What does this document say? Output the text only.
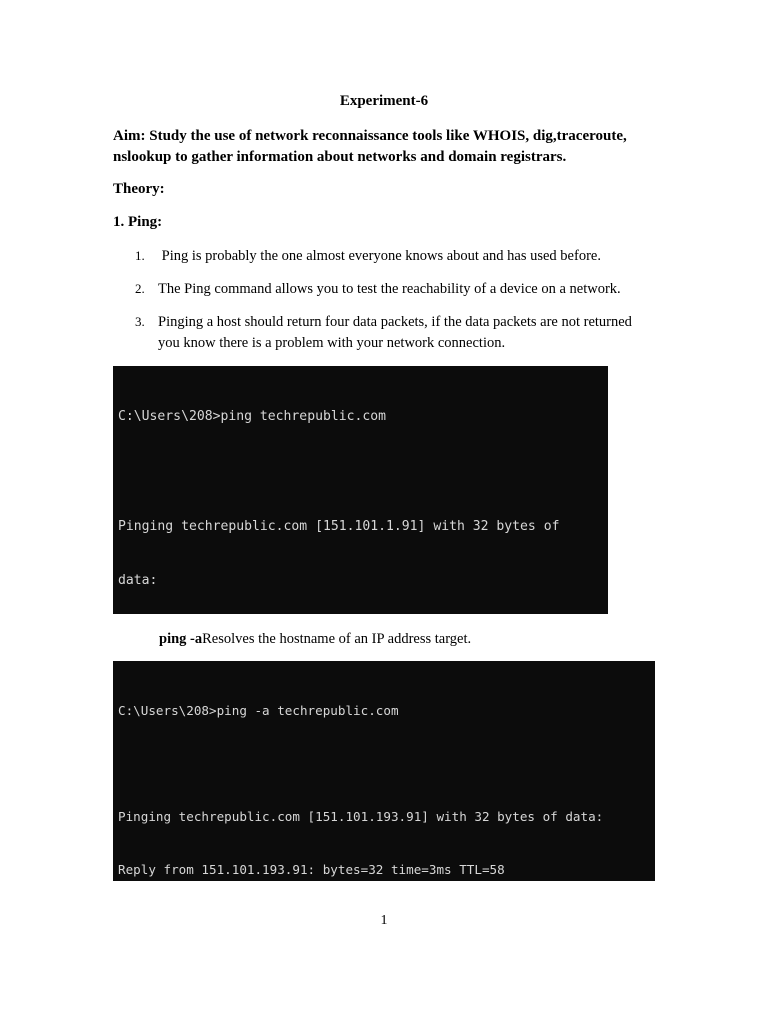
Experiment-6
Aim: Study the use of network reconnaissance tools like WHOIS, dig,traceroute, nslookup to gather information about networks and domain registrars.
Theory:
1. Ping:
1. Ping is probably the one almost everyone knows about and has used before.
2. The Ping command allows you to test the reachability of a device on a network.
3. Pinging a host should return four data packets, if the data packets are not returned
you know there is a problem with your network connection.

C:\Users\208>ping techrepublic.com

Pinging techrepublic.com [151.101.1.91] with 32 bytes of

data:

ping -aResolves the hostname of an IP address target.

C:\Users\208>ping -a techrepublic.com

Pinging techrepublic.com [151.101.193.91] with 32 bytes of data:

Reply from 151.101.193.91: bytes=32 time=3ms TTL=58

1
